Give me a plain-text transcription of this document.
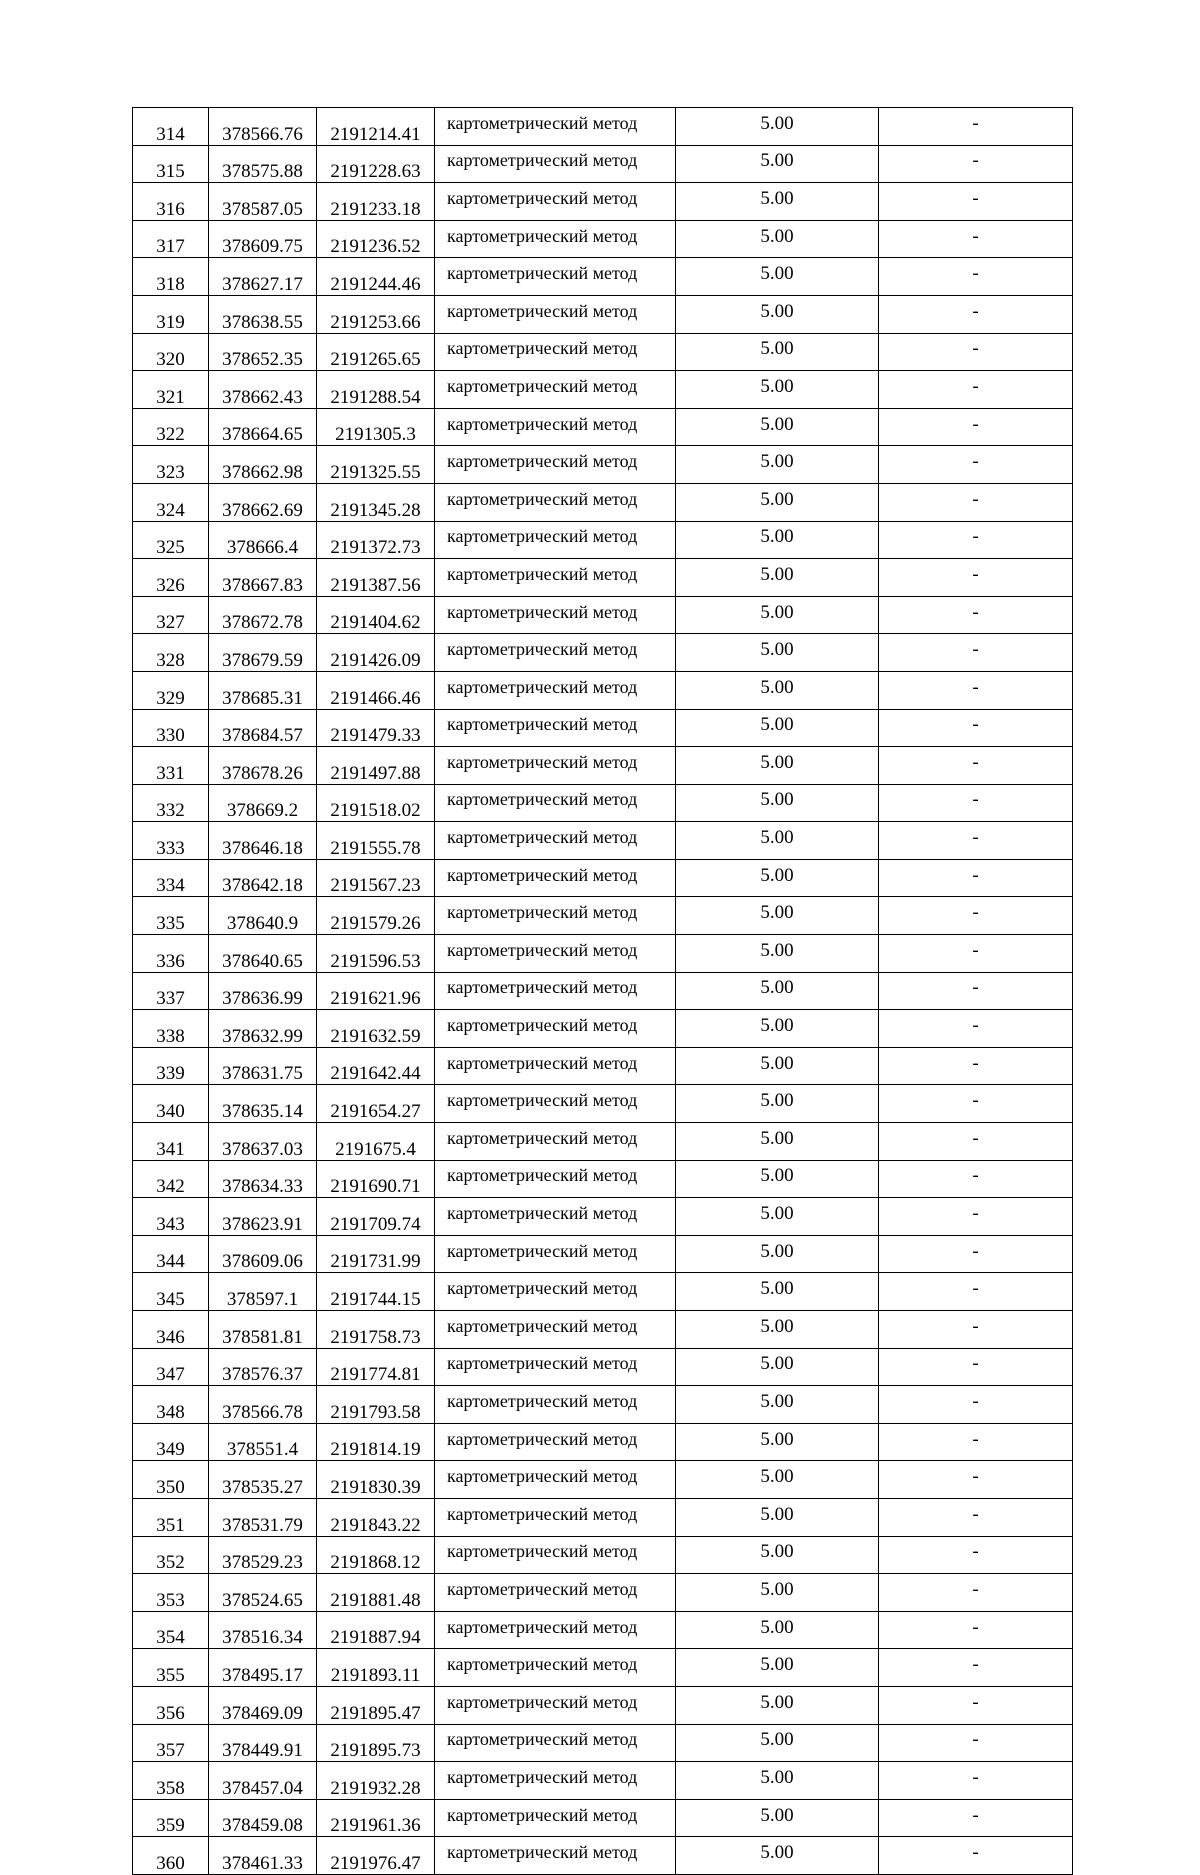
314	378566.76	2191214.41	картометрический метод	5.00	-
315	378575.88	2191228.63	картометрический метод	5.00	-
316	378587.05	2191233.18	картометрический метод	5.00	-
317	378609.75	2191236.52	картометрический метод	5.00	-
318	378627.17	2191244.46	картометрический метод	5.00	-
319	378638.55	2191253.66	картометрический метод	5.00	-
320	378652.35	2191265.65	картометрический метод	5.00	-
321	378662.43	2191288.54	картометрический метод	5.00	-
322	378664.65	2191305.3	картометрический метод	5.00	-
323	378662.98	2191325.55	картометрический метод	5.00	-
324	378662.69	2191345.28	картометрический метод	5.00	-
325	378666.4	2191372.73	картометрический метод	5.00	-
326	378667.83	2191387.56	картометрический метод	5.00	-
327	378672.78	2191404.62	картометрический метод	5.00	-
328	378679.59	2191426.09	картометрический метод	5.00	-
329	378685.31	2191466.46	картометрический метод	5.00	-
330	378684.57	2191479.33	картометрический метод	5.00	-
331	378678.26	2191497.88	картометрический метод	5.00	-
332	378669.2	2191518.02	картометрический метод	5.00	-
333	378646.18	2191555.78	картометрический метод	5.00	-
334	378642.18	2191567.23	картометрический метод	5.00	-
335	378640.9	2191579.26	картометрический метод	5.00	-
336	378640.65	2191596.53	картометрический метод	5.00	-
337	378636.99	2191621.96	картометрический метод	5.00	-
338	378632.99	2191632.59	картометрический метод	5.00	-
339	378631.75	2191642.44	картометрический метод	5.00	-
340	378635.14	2191654.27	картометрический метод	5.00	-
341	378637.03	2191675.4	картометрический метод	5.00	-
342	378634.33	2191690.71	картометрический метод	5.00	-
343	378623.91	2191709.74	картометрический метод	5.00	-
344	378609.06	2191731.99	картометрический метод	5.00	-
345	378597.1	2191744.15	картометрический метод	5.00	-
346	378581.81	2191758.73	картометрический метод	5.00	-
347	378576.37	2191774.81	картометрический метод	5.00	-
348	378566.78	2191793.58	картометрический метод	5.00	-
349	378551.4	2191814.19	картометрический метод	5.00	-
350	378535.27	2191830.39	картометрический метод	5.00	-
351	378531.79	2191843.22	картометрический метод	5.00	-
352	378529.23	2191868.12	картометрический метод	5.00	-
353	378524.65	2191881.48	картометрический метод	5.00	-
354	378516.34	2191887.94	картометрический метод	5.00	-
355	378495.17	2191893.11	картометрический метод	5.00	-
356	378469.09	2191895.47	картометрический метод	5.00	-
357	378449.91	2191895.73	картометрический метод	5.00	-
358	378457.04	2191932.28	картометрический метод	5.00	-
359	378459.08	2191961.36	картометрический метод	5.00	-
360	378461.33	2191976.47	картометрический метод	5.00	-
